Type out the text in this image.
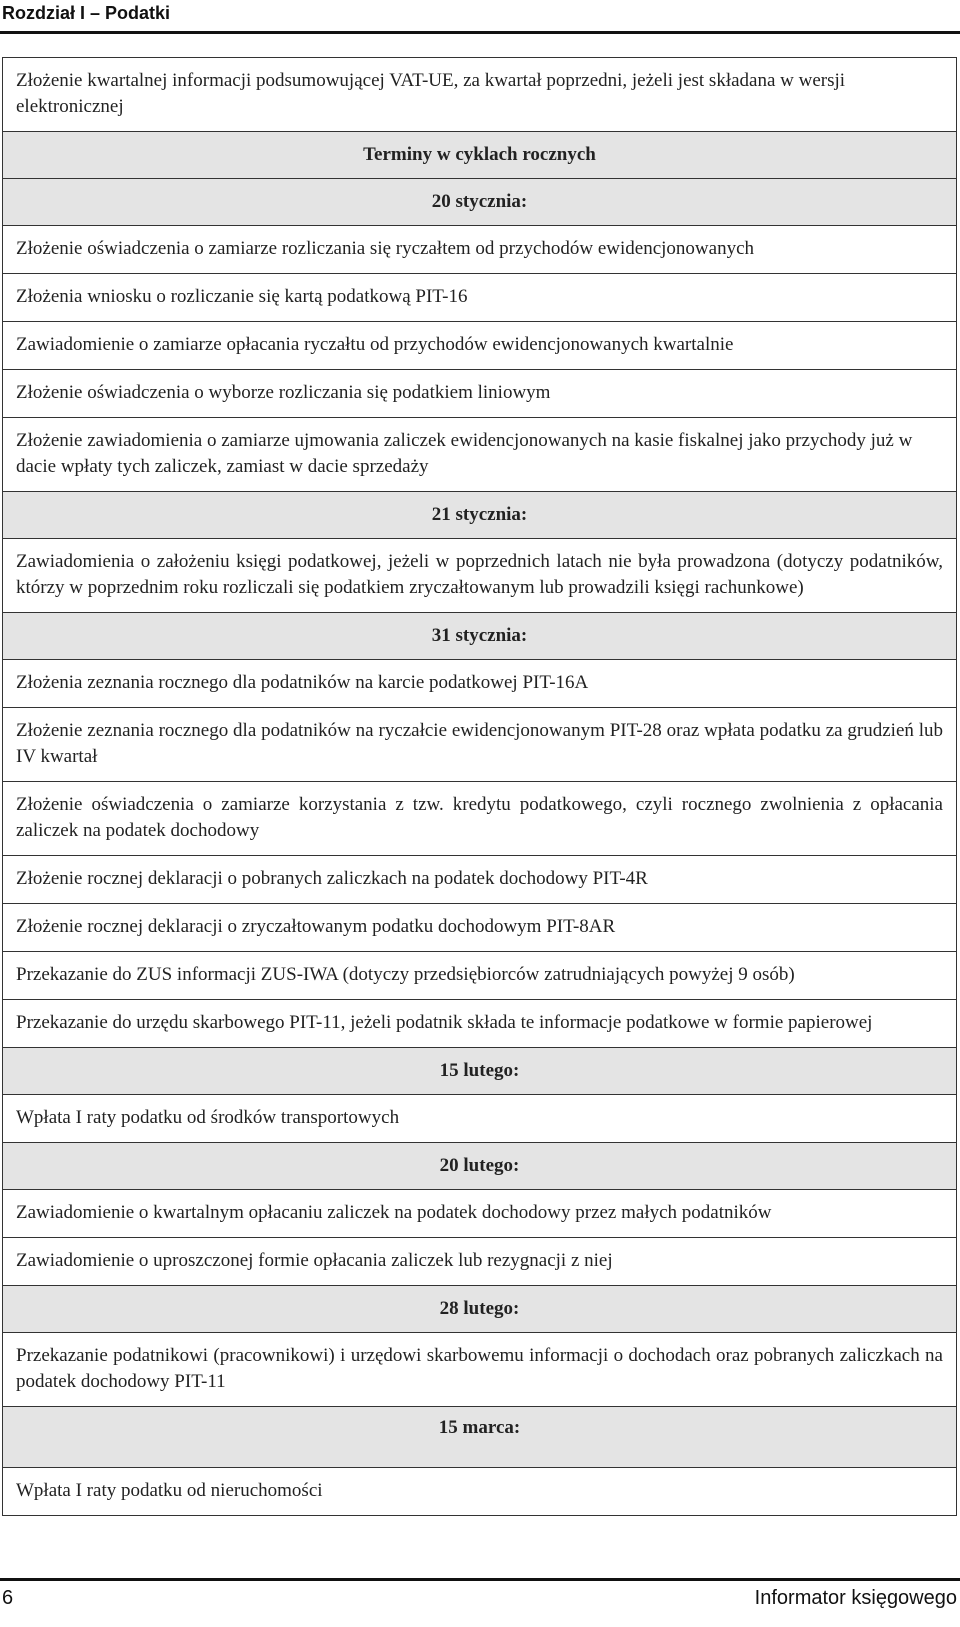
Rozdział I – Podatki
Złożenie kwartalnej informacji podsumowującej VAT-UE, za kwartał poprzedni, jeżeli jest składana w wersji elektronicznej
Terminy w cyklach rocznych
20 stycznia:
Złożenie oświadczenia o zamiarze rozliczania się ryczałtem od przychodów ewidencjonowanych
Złożenia wniosku o rozliczanie się kartą podatkową PIT-16
Zawiadomienie o zamiarze opłacania ryczałtu od przychodów ewidencjonowanych kwartalnie
Złożenie oświadczenia o wyborze rozliczania się podatkiem liniowym
Złożenie zawiadomienia o zamiarze ujmowania zaliczek ewidencjonowanych na kasie fiskalnej jako przychody już w dacie wpłaty tych zaliczek, zamiast w dacie sprzedaży
21 stycznia:
Zawiadomienia o założeniu księgi podatkowej, jeżeli w poprzednich latach nie była prowadzona (dotyczy podatników, którzy w poprzednim roku rozliczali się podatkiem zryczałtowanym lub prowadzili księgi rachunkowe)
31 stycznia:
Złożenia zeznania rocznego dla podatników na karcie podatkowej PIT-16A
Złożenie zeznania rocznego dla podatników na ryczałcie ewidencjonowanym PIT-28 oraz wpłata podatku za grudzień lub IV kwartał
Złożenie oświadczenia o zamiarze korzystania z tzw. kredytu podatkowego, czyli rocznego zwolnienia z opłacania zaliczek na podatek dochodowy
Złożenie rocznej deklaracji o pobranych zaliczkach na podatek dochodowy PIT-4R
Złożenie rocznej deklaracji o zryczałtowanym podatku dochodowym PIT-8AR
Przekazanie do ZUS informacji ZUS-IWA (dotyczy przedsiębiorców zatrudniających powyżej 9 osób)
Przekazanie do urzędu skarbowego PIT-11, jeżeli podatnik składa te informacje podatkowe w formie papierowej
15 lutego:
Wpłata I raty podatku od środków transportowych
20 lutego:
Zawiadomienie o kwartalnym opłacaniu zaliczek na podatek dochodowy przez małych podatników
Zawiadomienie o uproszczonej formie opłacania zaliczek lub rezygnacji z niej
28 lutego:
Przekazanie podatnikowi (pracownikowi) i urzędowi skarbowemu informacji o dochodach oraz pobranych zaliczkach na podatek dochodowy PIT-11
15 marca:
Wpłata I raty podatku od nieruchomości
6	Informator księgowego
